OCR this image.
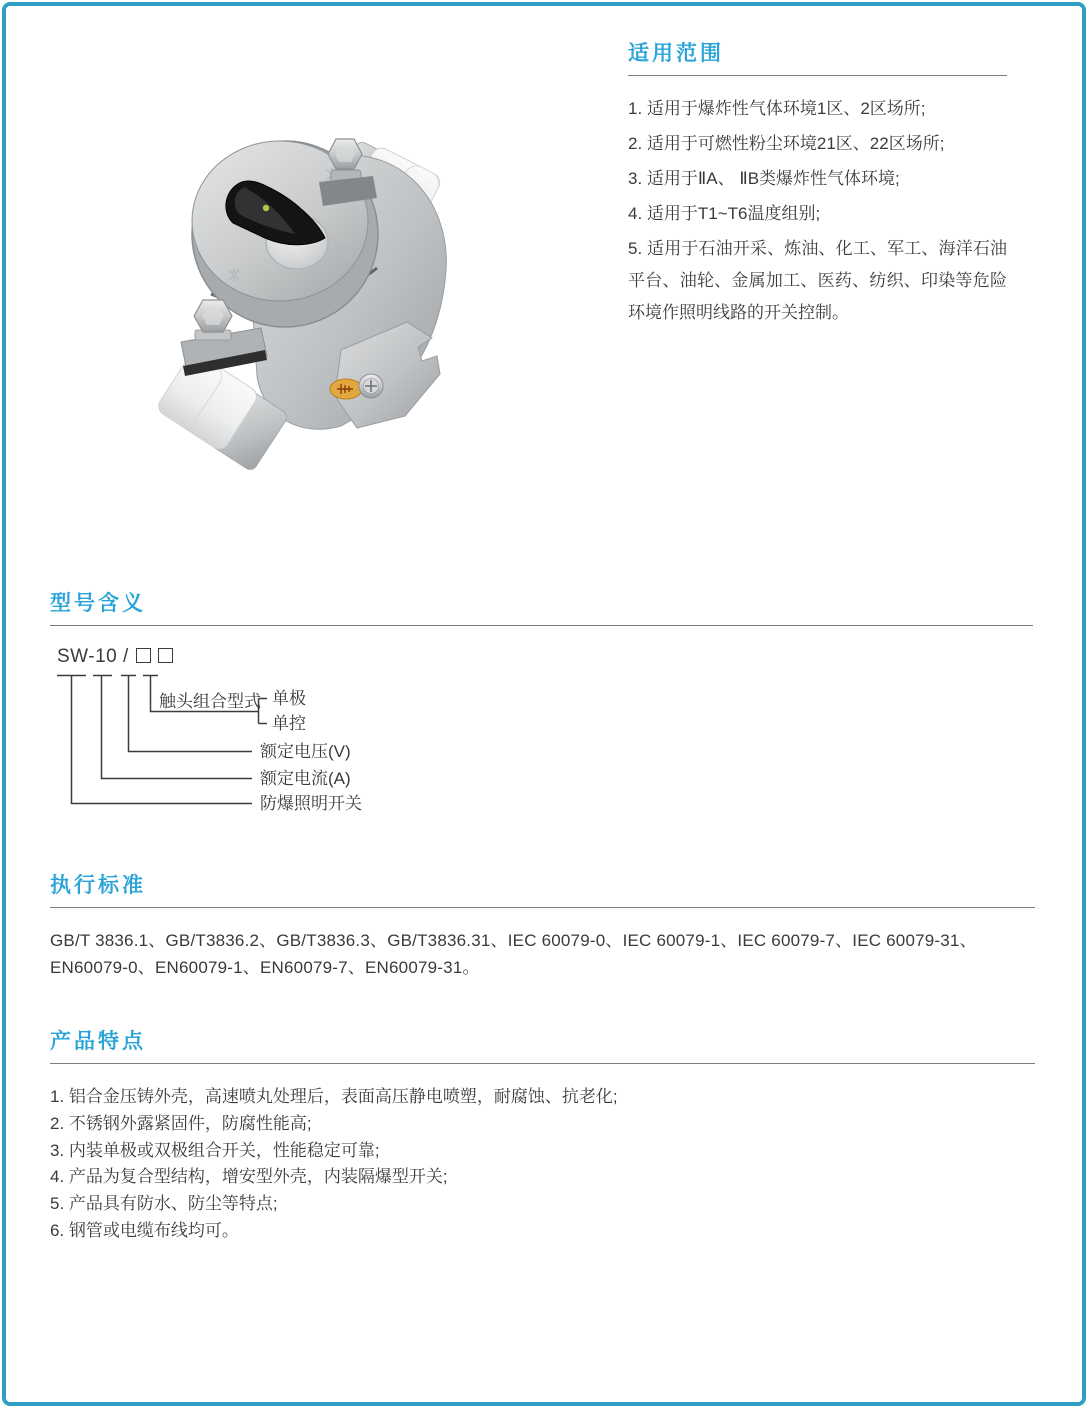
适用范围
1. 适用于爆炸性气体环境1区、2区场所;
2. 适用于可燃性粉尘环境21区、22区场所;
3. 适用于ⅡA、 ⅡB类爆炸性气体环境;
4. 适用于T1~T6温度组别;
5. 适用于石油开采、炼油、化工、军工、海洋石油平台、油轮、金属加工、医药、纺织、印染等危险环境作照明线路的开关控制。
型号含义
SW-10 /
触头组合型式 单极
单控
额定电压(V)
额定电流(A)
防爆照明开关
执行标准
GB/T 3836.1、GB/T3836.2、GB/T3836.3、GB/T3836.31、IEC 60079-0、IEC 60079-1、IEC 60079-7、IEC 60079-31、
EN60079-0、EN60079-1、EN60079-7、EN60079-31。
产品特点
1. 铝合金压铸外壳，高速喷丸处理后，表面高压静电喷塑，耐腐蚀、抗老化;
2. 不锈钢外露紧固件，防腐性能高;
3. 内装单极或双极组合开关，性能稳定可靠;
4. 产品为复合型结构，增安型外壳，内装隔爆型开关;
5. 产品具有防水、防尘等特点;
6. 钢管或电缆布线均可。
